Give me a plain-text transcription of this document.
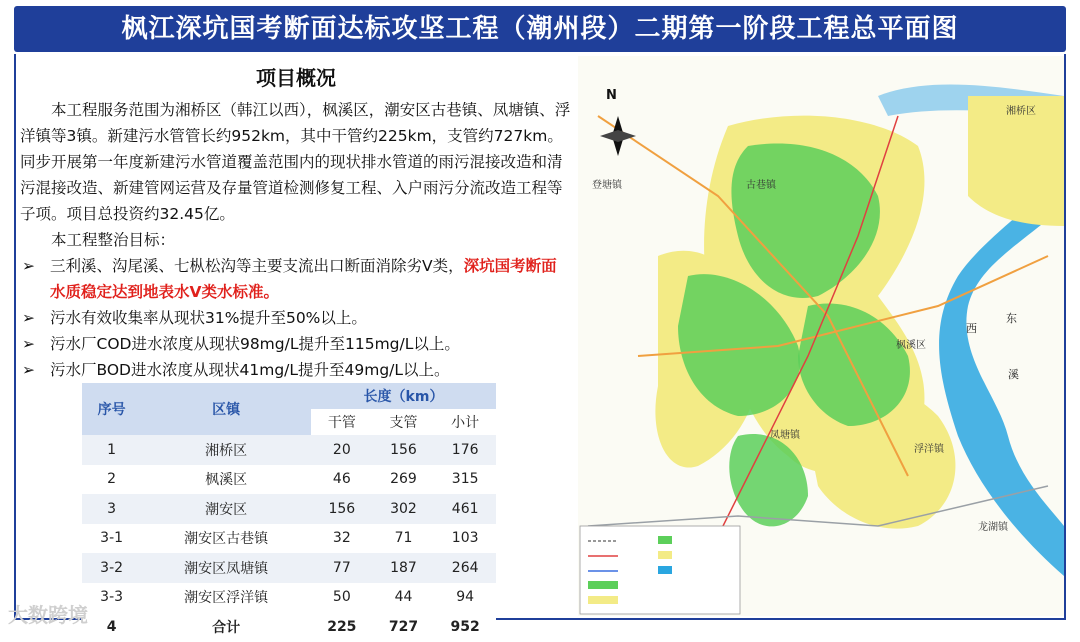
枫江深坑国考断面达标攻坚工程（潮州段）二期第一阶段工程总平面图
项目概况

本工程服务范围为湘桥区（韩江以西），枫溪区，潮安区古巷镇、凤塘镇、浮洋镇等3镇。新建污水管管长约952km，其中干管约225km，支管约727km。同步开展第一年度新建污水管道覆盖范围内的现状排水管道的雨污混接改造和清污混接改造、新建管网运营及存量管道检测修复工程、入户雨污分流改造工程等子项。项目总投资约32.45亿。

本工程整治目标：

➢ 三利溪、沟尾溪、七枞松沟等主要支流出口断面消除劣V类，深坑国考断面水质稳定达到地表水V类水标准。
➢ 污水有效收集率从现状31%提升至50%以上。
➢ 污水厂COD进水浓度从现状98mg/L提升至115mg/L以上。
➢ 污水厂BOD进水浓度从现状41mg/L提升至49mg/L以上。
序号	区镇	长度（km）		
		干管	支管	小计
1	湘桥区	20	156	176
2	枫溪区	46	269	315
3	潮安区	156	302	461
3-1	潮安区古巷镇	32	71	103
3-2	潮安区凤塘镇	77	187	264
3-3	潮安区浮洋镇	50	44	94
4	合计	225	727	952
N
湘桥区
登塘镇	古巷镇
枫溪区
凤塘镇
浮洋镇
龙湖镇
西
东
溪
大数跨境
